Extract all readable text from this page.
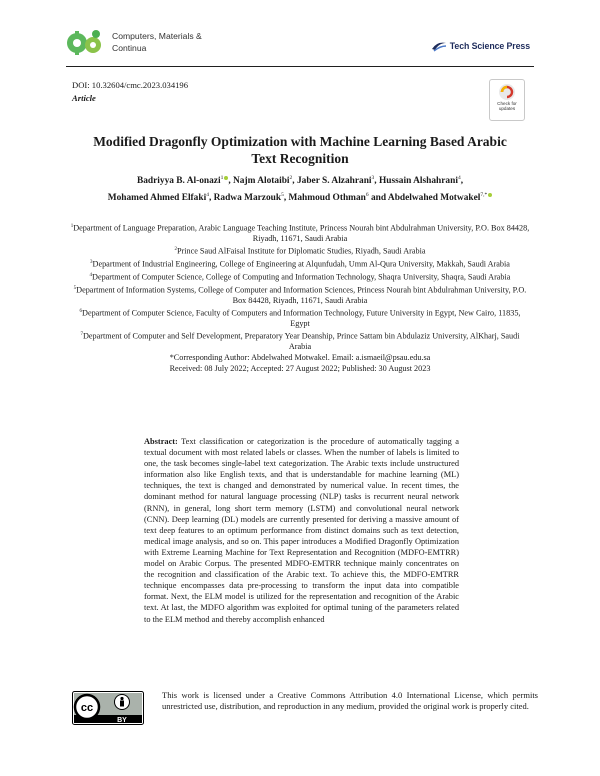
Computers, Materials & Continua	Tech Science Press
DOI: 10.32604/cmc.2023.034196
Article
Check for updates
Modified Dragonfly Optimization with Machine Learning Based Arabic Text Recognition
Badriyya B. Al-onazi$^1$ , Najm Alotaibi$^2$, Jaber S. Alzahrani$^3$, Hussain Alshahrani$^4$,
Mohamed Ahmed Elfaki$^4$, Radwa Marzouk$^5$, Mahmoud Othman$^6$ and Abdelwahed Motwakel$^{7,*}$
$^1$Department of Language Preparation, Arabic Language Teaching Institute, Princess Nourah bint Abdulrahman University, P.O. Box 84428, Riyadh, 11671, Saudi Arabia
$^2$Prince Saud AlFaisal Institute for Diplomatic Studies, Riyadh, Saudi Arabia
$^3$Department of Industrial Engineering, College of Engineering at Alqunfudah, Umm Al-Qura University, Makkah, Saudi Arabia
$^4$Department of Computer Science, College of Computing and Information Technology, Shaqra University, Shaqra, Saudi Arabia
$^5$Department of Information Systems, College of Computer and Information Sciences, Princess Nourah bint Abdulrahman University, P.O. Box 84428, Riyadh, 11671, Saudi Arabia
$^6$Department of Computer Science, Faculty of Computers and Information Technology, Future University in Egypt, New Cairo, 11835, Egypt
$^7$Department of Computer and Self Development, Preparatory Year Deanship, Prince Sattam bin Abdulaziz University, AlKharj, Saudi Arabia
*Corresponding Author: Abdelwahed Motwakel. Email: a.ismaeil@psau.edu.sa
Received: 08 July 2022; Accepted: 27 August 2022; Published: 30 August 2023
Abstract: Text classification or categorization is the procedure of automatically tagging a textual document with most related labels or classes. When the number of labels is limited to one, the task becomes single-label text categorization. The Arabic texts include unstructured information also like English texts, and that is understandable for machine learning (ML) techniques, the text is changed and demonstrated by numerical value. In recent times, the dominant method for natural language processing (NLP) tasks is recurrent neural network (RNN), in general, long short term memory (LSTM) and convolutional neural network (CNN). Deep learning (DL) models are currently presented for deriving a massive amount of text deep features to an optimum performance from distinct domains such as text detection, medical image analysis, and so on. This paper introduces a Modified Dragonfly Optimization with Extreme Learning Machine for Text Representation and Recognition (MDFO-EMTRR) model on Arabic Corpus. The presented MDFO-EMTRR technique mainly concentrates on the recognition and classification of the Arabic text. To achieve this, the MDFO-EMTRR technique encompasses data pre-processing to transform the input data into compatible format. Next, the ELM model is utilized for the representation and recognition of the Arabic text. At last, the MDFO algorithm was exploited for optimal tuning of the parameters related to the ELM method and thereby accomplish enhanced
cc
BY
This work is licensed under a Creative Commons Attribution 4.0 International License, which permits unrestricted use, distribution, and reproduction in any medium, provided the original work is properly cited.
